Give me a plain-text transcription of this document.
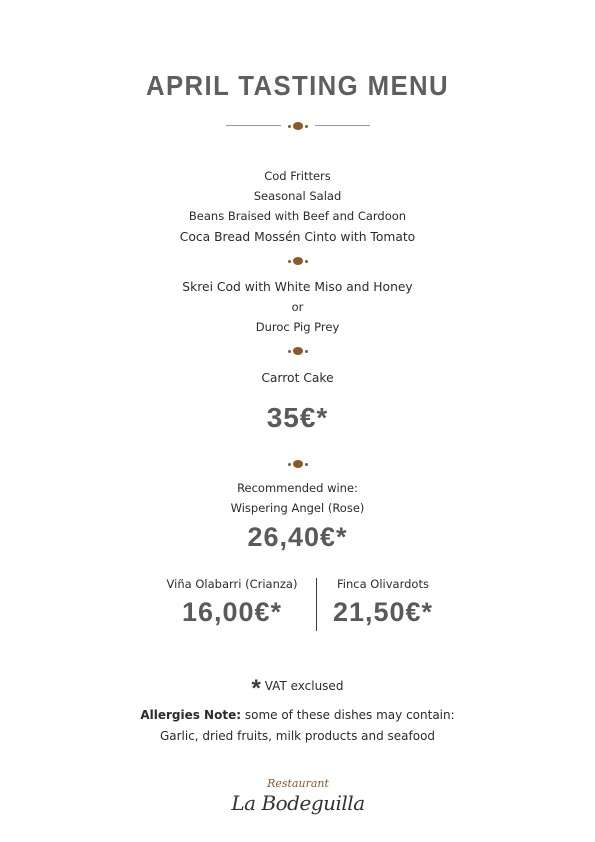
APRIL TASTING MENU
Cod Fritters
Seasonal Salad
Beans Braised with Beef and Cardoon
Coca Bread Mossén Cinto with Tomato
Skrei Cod with White Miso and Honey
or
Duroc Pig Prey
Carrot Cake
35€*
Recommended wine:
Wispering Angel (Rose)
26,40€*
Viña Olabarri (Crianza)
16,00€*
Finca Olivardots
21,50€*
* VAT exclused
Allergies Note: some of these dishes may contain:
Garlic, dried fruits, milk products and seafood
Restaurant
La Bodeguilla
